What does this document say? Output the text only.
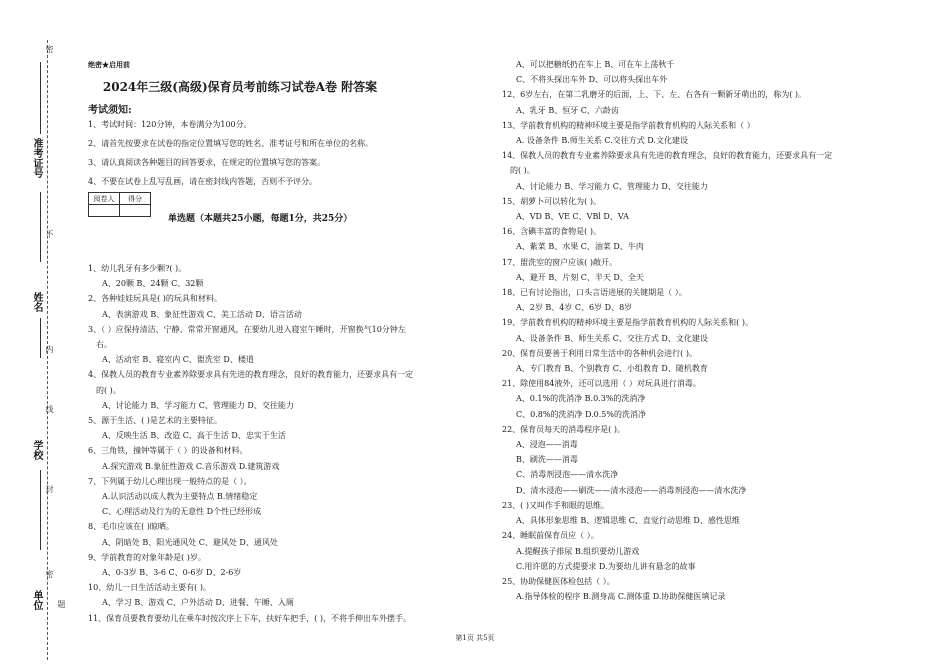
密
不
内
线
封
密
题
准考证号
姓名
学校
单位
绝密★启用前
2024年三级(高级)保育员考前练习试卷A卷 附答案
考试须知:
1、考试时间：120分钟，本卷满分为100分。
2、请首先按要求在试卷的指定位置填写您的姓名、准考证号和所在单位的名称。
3、请认真阅读各种题目的回答要求，在规定的位置填写您的答案。
4、不要在试卷上乱写乱画，请在密封线内答题，否则不予评分。
阅卷人	得分

单选题（本题共25小题，每题1分，共25分）

1、幼儿乳牙有多少颗?( )。

A、20颗 B、24颗 C、32颗

2、各种娃娃玩具是( )的玩具和材料。

A、表演游戏 B、象征性游戏 C、美工活动 D、语言活动

3、（ ）应保持清洁、宁静、常常开窗通风，在要幼儿进入寝室午睡时，开窗换气10分钟左

右。

A、活动室 B、寝室内 C、盥洗室 D、楼道

4、保教人员的教育专业素养除要求具有先进的教育理念，良好的教育能力，还要求具有一定

的( )。

A、讨论能力 B、学习能力 C、管理能力 D、交往能力

5、源于生活、( )是艺术的主要特征。

A、反映生活 B、改造 C、高于生活 D、忠实于生活

6、三角铁，撞钟等属于（ ）的设备和材料。

A.探究游戏 B.象征性游戏 C.音乐游戏 D.建筑游戏

7、下列属于幼儿心理出现一般特点的是（ ）。

A.认识活动以成人教为主要特点 B.情绪稳定

C、心理活动及行为的无意性 D个性已经形成

8、毛巾应该在( )晾晒。

A、阴暗处 B、阳光通风处 C、避风处 D、通风处

9、学前教育的对象年龄是( )岁。

A、0-3岁 B、3-6 C、0-6岁 D、2-6岁

10、幼儿一日生活活动主要有( )。

A、学习 B、游戏 C、户外活动 D、进餐、午睡、入厕

11、保育员要教育要幼儿在乘车时按次序上下车，扶好车把手，( )，不将手伸出车外摆手。

A、可以把糖纸扔在车上 B、可在车上荡秋千

C、不将头探出车外 D、可以将头探出车外

12、6岁左右，在第二乳磨牙的后面，上、下、左、右各有一颗新牙萌出的，称为( )。

A、乳牙 B、恒牙 C、六龄齿

13、学前教育机构的精神环境主要是指学前教育机构的人际关系和（ ）

A. 设备条件 B.师生关系 C.交往方式 D.文化建设

14、保教人员的教育专业素养除要求具有先进的教育理念，良好的教育能力，还要求具有一定

的( )。

A、讨论能力 B、学习能力 C、管理能力 D、交往能力

15、胡萝卜可以转化为( )。

A、VD B、VE C、VBl D、VA

16、含碘丰富的食物是( )。

A、紫菜 B、水果 C、油菜 D、牛肉

17、盥洗室的窗户应该( )敞开。

A、避开 B、片刻 C、半天 D、全天

18、已有讨论指出，口头言语进展的关键期是（ ）。

A、2岁 B、4岁 C、6岁 D、8岁

19、学前教育机构的精神环境主要是指学前教育机构的人际关系和( )。

A、设备条件 B、师生关系 C、交往方式 D、文化建设

20、保育员要善于利用日常生活中的各种机会进行( )。

A、专门教育 B、个别教育 C、小组教育 D、随机教育

21、除使用84液外，还可以选用（ ）对玩具进行消毒。

A、0.1%的洗消净 B.0.3%的洗消净

C、0.8%的洗消净 D.0.5%的洗消净

22、保育员每天的消毒程序是( )。

A、浸泡——消毒

B、刷洗——消毒

C、消毒剂浸泡——清水洗净

D、清水浸泡——刷洗——清水浸泡——消毒剂浸泡——清水洗净

23、( )又叫作手和眼的思维。

A、具体形象思维 B、逻辑思维 C、直觉行动思维 D、感性思维

24、睡眠前保育员应（ ）。

A.提醒孩子排尿 B.组织要幼儿游戏

C.用许愿的方式提要求 D.为要幼儿讲有悬念的故事

25、协助保健医体检包括（ ）。

A.指导体检的程序 B.测身高 C.测体重 D.协助保健医填记录

第1页 共5页
